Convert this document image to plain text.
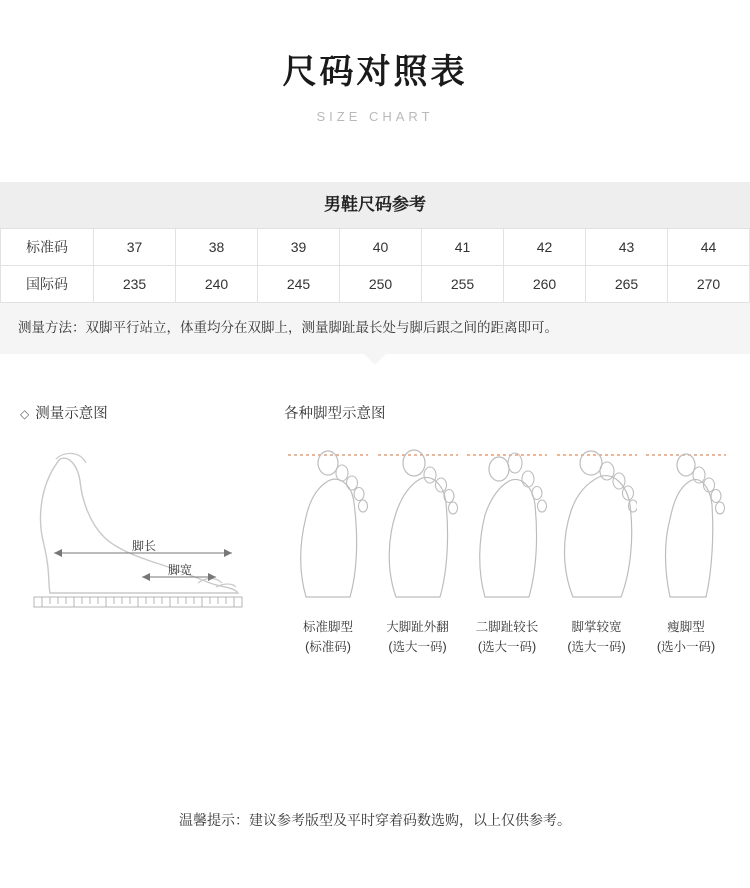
尺码对照表
SIZE CHART
男鞋尺码参考
标准码	37	38	39	40	41	42	43	44
国际码	235	240	245	250	255	260	265	270
测量方法：双脚平行站立，体重均分在双脚上，测量脚趾最长处与脚后跟之间的距离即可。
◇ 测量示意图
脚长
脚宽
各种脚型示意图
标准脚型
(标准码)
大脚趾外翻
(选大一码)
二脚趾较长
(选大一码)
脚掌较宽
(选大一码)
瘦脚型
(选小一码)
温馨提示：建议参考版型及平时穿着码数选购，以上仅供参考。
